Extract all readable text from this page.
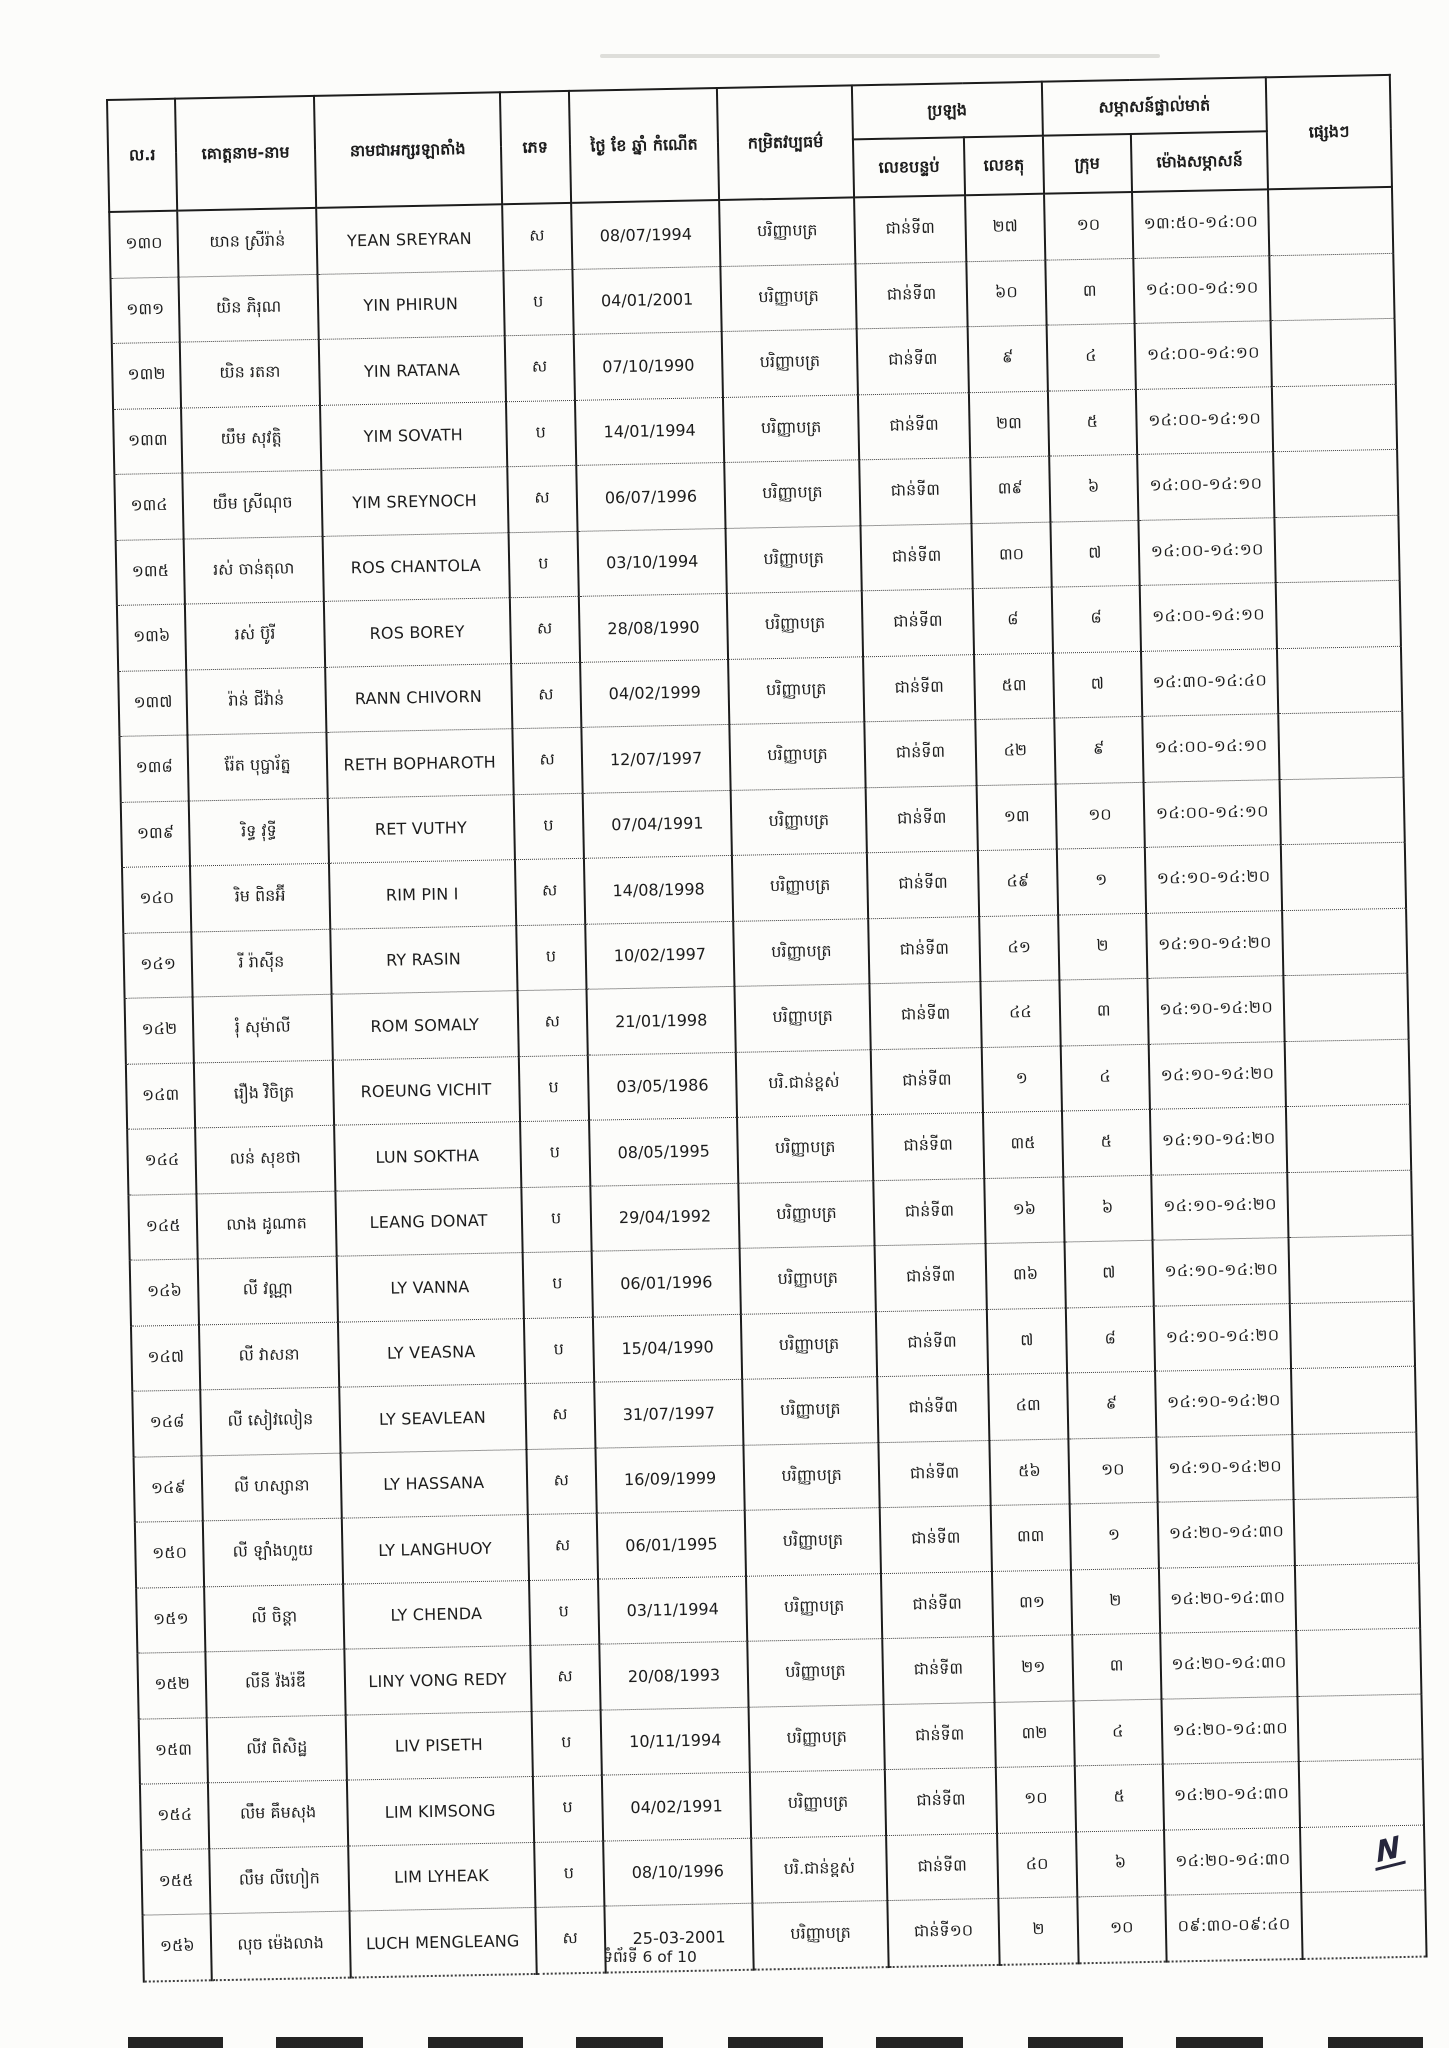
ល.រ	គោត្តនាម-នាម	នាមជាអក្សរឡាតាំង	ភេទ	ថ្ងៃ ខែ ឆ្នាំ កំណើត	កម្រិតវប្បធម៌	ប្រឡង		សម្ភាសន៍ផ្ទាល់មាត់		ផ្សេងៗ
						លេខបន្ទប់	លេខតុ	ក្រុម	ម៉ោងសម្ភាសន៍	
១៣០	យាន ស្រីរ៉ាន់	YEAN SREYRAN	ស	08/07/1994	បរិញ្ញាបត្រ	ជាន់ទី៣	២៧	១០	១៣:៥០-១៤:០០	
១៣១	យិន ភិរុណ	YIN PHIRUN	ប	04/01/2001	បរិញ្ញាបត្រ	ជាន់ទី៣	៦០	៣	១៤:០០-១៤:១០	
១៣២	យិន រតនា	YIN RATANA	ស	07/10/1990	បរិញ្ញាបត្រ	ជាន់ទី៣	៩	៤	១៤:០០-១៤:១០	
១៣៣	យឹម សុវត្តិ	YIM SOVATH	ប	14/01/1994	បរិញ្ញាបត្រ	ជាន់ទី៣	២៣	៥	១៤:០០-១៤:១០	
១៣៤	យឹម ស្រីណុច	YIM SREYNOCH	ស	06/07/1996	បរិញ្ញាបត្រ	ជាន់ទី៣	៣៩	៦	១៤:០០-១៤:១០	
១៣៥	រស់ ចាន់តុលា	ROS CHANTOLA	ប	03/10/1994	បរិញ្ញាបត្រ	ជាន់ទី៣	៣០	៧	១៤:០០-១៤:១០	
១៣៦	រស់ ប៊ូរី	ROS BOREY	ស	28/08/1990	បរិញ្ញាបត្រ	ជាន់ទី៣	៨	៨	១៤:០០-១៤:១០	
១៣៧	រ៉ាន់ ជីវ៉ាន់	RANN CHIVORN	ស	04/02/1999	បរិញ្ញាបត្រ	ជាន់ទី៣	៥៣	៧	១៤:៣០-១៤:៤០	
១៣៨	រ៉ែត បុប្ផារ័ត្ន	RETH BOPHAROTH	ស	12/07/1997	បរិញ្ញាបត្រ	ជាន់ទី៣	៤២	៩	១៤:០០-១៤:១០	
១៣៩	រិទ្ធ វុទ្ធី	RET VUTHY	ប	07/04/1991	បរិញ្ញាបត្រ	ជាន់ទី៣	១៣	១០	១៤:០០-១៤:១០	
១៤០	រិម ពិនអ៊ី	RIM PIN I	ស	14/08/1998	បរិញ្ញាបត្រ	ជាន់ទី៣	៤៩	១	១៤:១០-១៤:២០	
១៤១	រី រ៉ាស៊ីន	RY RASIN	ប	10/02/1997	បរិញ្ញាបត្រ	ជាន់ទី៣	៤១	២	១៤:១០-១៤:២០	
១៤២	រុំ សុម៉ាលី	ROM SOMALY	ស	21/01/1998	បរិញ្ញាបត្រ	ជាន់ទី៣	៤៤	៣	១៤:១០-១៤:២០	
១៤៣	រឿង វិចិត្រ	ROEUNG VICHIT	ប	03/05/1986	បរិ.ជាន់ខ្ពស់	ជាន់ទី៣	១	៤	១៤:១០-១៤:២០	
១៤៤	លន់ សុខថា	LUN SOKTHA	ប	08/05/1995	បរិញ្ញាបត្រ	ជាន់ទី៣	៣៥	៥	១៤:១០-១៤:២០	
១៤៥	លាង ដូណាត	LEANG DONAT	ប	29/04/1992	បរិញ្ញាបត្រ	ជាន់ទី៣	១៦	៦	១៤:១០-១៤:២០	
១៤៦	លី វណ្ណា	LY VANNA	ប	06/01/1996	បរិញ្ញាបត្រ	ជាន់ទី៣	៣៦	៧	១៤:១០-១៤:២០	
១៤៧	លី វាសនា	LY VEASNA	ប	15/04/1990	បរិញ្ញាបត្រ	ជាន់ទី៣	៧	៨	១៤:១០-១៤:២០	
១៤៨	លី សៀវលៀន	LY SEAVLEAN	ស	31/07/1997	បរិញ្ញាបត្រ	ជាន់ទី៣	៤៣	៩	១៤:១០-១៤:២០	
១៤៩	លី ហស្សានា	LY HASSANA	ស	16/09/1999	បរិញ្ញាបត្រ	ជាន់ទី៣	៥៦	១០	១៤:១០-១៤:២០	
១៥០	លី ឡាំងហួយ	LY LANGHUOY	ស	06/01/1995	បរិញ្ញាបត្រ	ជាន់ទី៣	៣៣	១	១៤:២០-១៤:៣០	
១៥១	លី ចិន្តា	LY CHENDA	ប	03/11/1994	បរិញ្ញាបត្រ	ជាន់ទី៣	៣១	២	១៤:២០-១៤:៣០	
១៥២	លីនី វ៉ងរ៉ឌី	LINY VONG REDY	ស	20/08/1993	បរិញ្ញាបត្រ	ជាន់ទី៣	២១	៣	១៤:២០-១៤:៣០	
១៥៣	លីវ ពិសិដ្ឋ	LIV PISETH	ប	10/11/1994	បរិញ្ញាបត្រ	ជាន់ទី៣	៣២	៤	១៤:២០-១៤:៣០	
១៥៤	លឹម គឹមសុង	LIM KIMSONG	ប	04/02/1991	បរិញ្ញាបត្រ	ជាន់ទី៣	១០	៥	១៤:២០-១៤:៣០	
១៥៥	លឹម លីហៀក	LIM LYHEAK	ប	08/10/1996	បរិ.ជាន់ខ្ពស់	ជាន់ទី៣	៤០	៦	១៤:២០-១៤:៣០	
១៥៦	លុច ម៉េងលាង	LUCH MENGLEANG	ស	25-03-2001	បរិញ្ញាបត្រ	ជាន់ទី១០	២	១០	០៩:៣០-០៩:៤០	
ទំព័រទី 6 of 10
N
